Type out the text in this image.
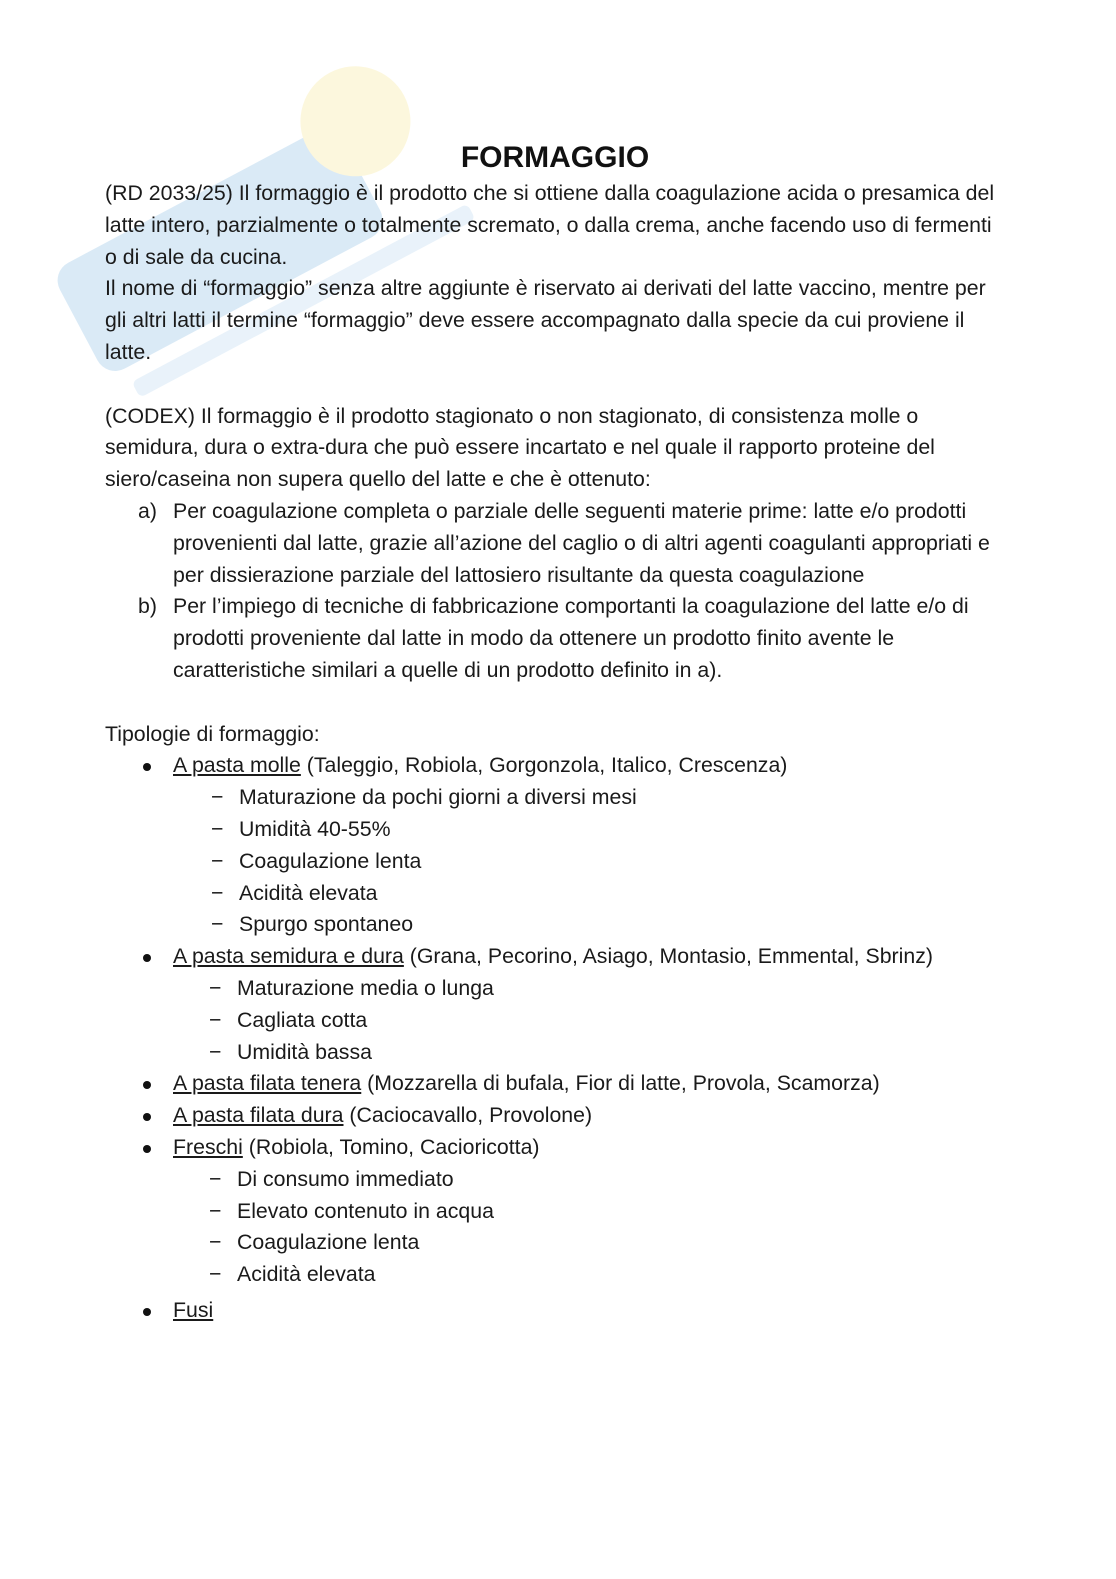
FORMAGGIO

(RD 2033/25) Il formaggio è il prodotto che si ottiene dalla coagulazione acida o presamica del latte intero, parzialmente o totalmente scremato, o dalla crema, anche facendo uso di fermenti o di sale da cucina.

Il nome di “formaggio” senza altre aggiunte è riservato ai derivati del latte vaccino, mentre per gli altri latti il termine “formaggio” deve essere accompagnato dalla specie da cui proviene il latte.

(CODEX) Il formaggio è il prodotto stagionato o non stagionato, di consistenza molle o semidura, dura o extra-dura che può essere incartato e nel quale il rapporto proteine del siero/caseina non supera quello del latte e che è ottenuto:

a) Per coagulazione completa o parziale delle seguenti materie prime: latte e/o prodotti provenienti dal latte, grazie all’azione del caglio o di altri agenti coagulanti appropriati e per dissierazione parziale del lattosiero risultante da questa coagulazione
b) Per l’impiego di tecniche di fabbricazione comportanti la coagulazione del latte e/o di prodotti proveniente dal latte in modo da ottenere un prodotto finito avente le caratteristiche similari a quelle di un prodotto definito in a).

Tipologie di formaggio:

A pasta molle (Taleggio, Robiola, Gorgonzola, Italico, Crescenza)
− Maturazione da pochi giorni a diversi mesi
− Umidità 40-55%
− Coagulazione lenta
− Acidità elevata
− Spurgo spontaneo
A pasta semidura e dura (Grana, Pecorino, Asiago, Montasio, Emmental, Sbrinz)
− Maturazione media o lunga
− Cagliata cotta
− Umidità bassa
A pasta filata tenera (Mozzarella di bufala, Fior di latte, Provola, Scamorza)
A pasta filata dura (Caciocavallo, Provolone)
Freschi (Robiola, Tomino, Cacioricotta)
− Di consumo immediato
− Elevato contenuto in acqua
− Coagulazione lenta
− Acidità elevata
Fusi
